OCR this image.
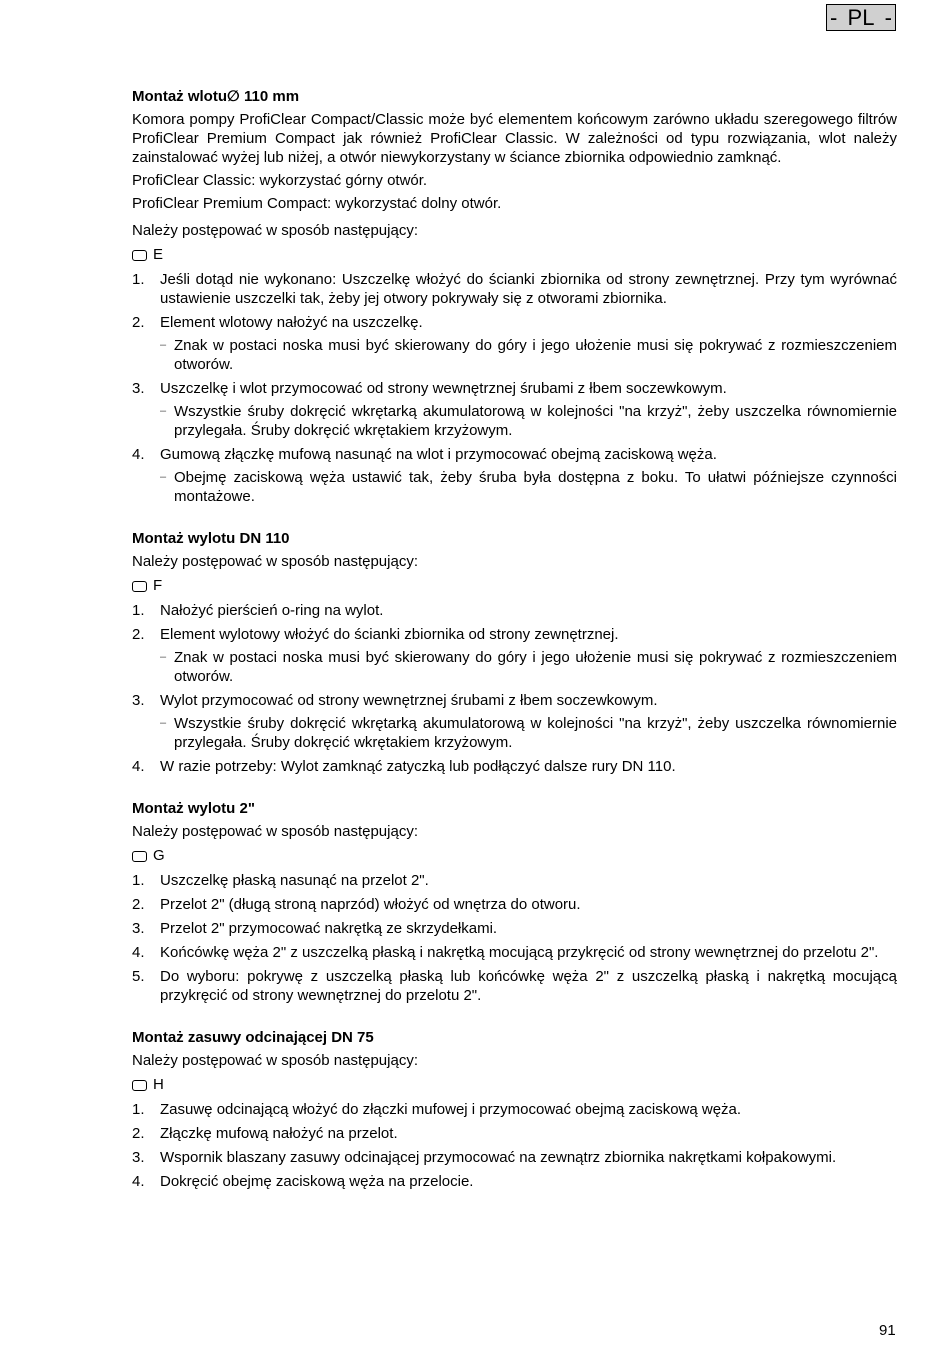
- PL -
Montaż wlotu∅ 110 mm

Komora pompy ProfiClear Compact/Classic może być elementem końcowym zarówno układu szeregowego filtrów ProfiClear Premium Compact jak również ProfiClear Classic. W zależności od typu rozwiązania, wlot należy zainstalować wyżej lub niżej, a otwór niewykorzystany w ściance zbiornika odpowiednio zamknąć.

ProfiClear Classic: wykorzystać górny otwór.

ProfiClear Premium Compact: wykorzystać dolny otwór.

Należy postępować w sposób następujący:

E
1.	Jeśli dotąd nie wykonano: Uszczelkę włożyć do ścianki zbiornika od strony zewnętrznej. Przy tym wyrównać ustawienie uszczelki tak, żeby jej otwory pokrywały się z otworami zbiornika.
2.	Element wlotowy nałożyć na uszczelkę.
– Znak w postaci noska musi być skierowany do góry i jego ułożenie musi się pokrywać z rozmieszczeniem otworów.
3.	Uszczelkę i wlot przymocować od strony wewnętrznej śrubami z łbem soczewkowym.
– Wszystkie śruby dokręcić wkrętarką akumulatorową w kolejności "na krzyż", żeby uszczelka równomiernie przylegała. Śruby dokręcić wkrętakiem krzyżowym.
4.	Gumową złączkę mufową nasunąć na wlot i przymocować obejmą zaciskową węża.
– Obejmę zaciskową węża ustawić tak, żeby śruba była dostępna z boku. To ułatwi późniejsze czynności montażowe.
Montaż wylotu DN 110

Należy postępować w sposób następujący:

F
1.	Nałożyć pierścień o-ring na wylot.
2.	Element wylotowy włożyć do ścianki zbiornika od strony zewnętrznej.
– Znak w postaci noska musi być skierowany do góry i jego ułożenie musi się pokrywać z rozmieszczeniem otworów.
3.	Wylot przymocować od strony wewnętrznej śrubami z łbem soczewkowym.
– Wszystkie śruby dokręcić wkrętarką akumulatorową w kolejności "na krzyż", żeby uszczelka równomiernie przylegała. Śruby dokręcić wkrętakiem krzyżowym.
4.	W razie potrzeby: Wylot zamknąć zatyczką lub podłączyć dalsze rury DN 110.
Montaż wylotu 2"

Należy postępować w sposób następujący:

G
1.	Uszczelkę płaską nasunąć na przelot 2".
2.	Przelot 2" (długą stroną naprzód) włożyć od wnętrza do otworu.
3.	Przelot 2" przymocować nakrętką ze skrzydełkami.
4.	Końcówkę węża 2" z uszczelką płaską i nakrętką mocującą przykręcić od strony wewnętrznej do przelotu 2".
5.	Do wyboru: pokrywę z uszczelką płaską lub końcówkę węża 2" z uszczelką płaską i nakrętką mocującą przykręcić od strony wewnętrznej do przelotu 2".
Montaż zasuwy odcinającej DN 75

Należy postępować w sposób następujący:

H
1.	Zasuwę odcinającą włożyć do złączki mufowej i przymocować obejmą zaciskową węża.
2.	Złączkę mufową nałożyć na przelot.
3.	Wspornik blaszany zasuwy odcinającej przymocować na zewnątrz zbiornika nakrętkami kołpakowymi.
4.	Dokręcić obejmę zaciskową węża na przelocie.
91
